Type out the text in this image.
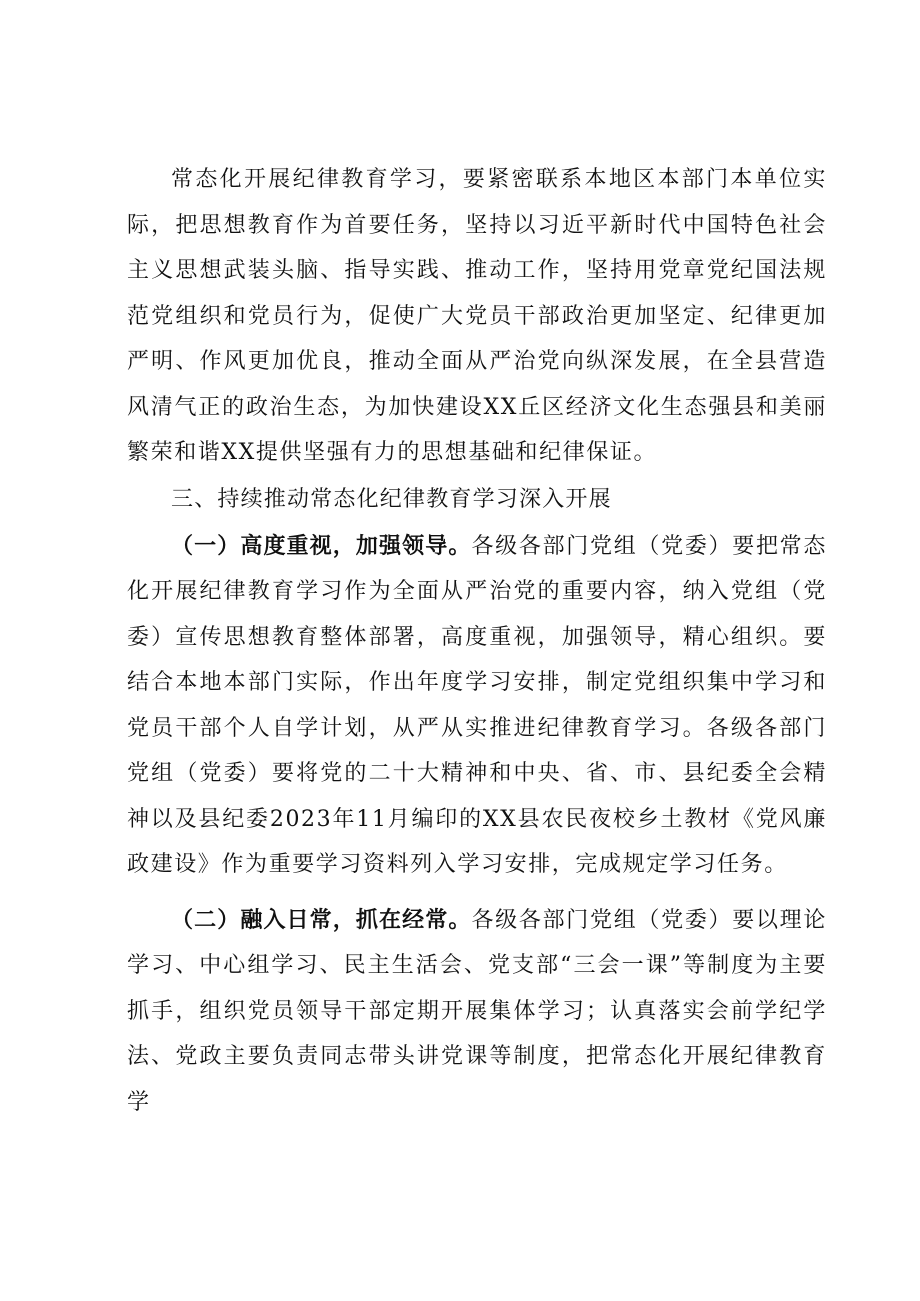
常态化开展纪律教育学习，要紧密联系本地区本部门本单位实际，把思想教育作为首要任务，坚持以习近平新时代中国特色社会主义思想武装头脑、指导实践、推动工作，坚持用党章党纪国法规范党组织和党员行为，促使广大党员干部政治更加坚定、纪律更加严明、作风更加优良，推动全面从严治党向纵深发展，在全县营造风清气正的政治生态，为加快建设XX丘区经济文化生态强县和美丽繁荣和谐XX提供坚强有力的思想基础和纪律保证。

三、持续推动常态化纪律教育学习深入开展

（一）高度重视，加强领导。各级各部门党组（党委）要把常态化开展纪律教育学习作为全面从严治党的重要内容，纳入党组（党委）宣传思想教育整体部署，高度重视，加强领导，精心组织。要结合本地本部门实际，作出年度学习安排，制定党组织集中学习和党员干部个人自学计划，从严从实推进纪律教育学习。各级各部门党组（党委）要将党的二十大精神和中央、省、市、县纪委全会精神以及县纪委2023年11月编印的XX县农民夜校乡土教材《党风廉政建设》作为重要学习资料列入学习安排，完成规定学习任务。

（二）融入日常，抓在经常。各级各部门党组（党委）要以理论学习、中心组学习、民主生活会、党支部“三会一课”等制度为主要抓手，组织党员领导干部定期开展集体学习；认真落实会前学纪学法、党政主要负责同志带头讲党课等制度，把常态化开展纪律教育学
